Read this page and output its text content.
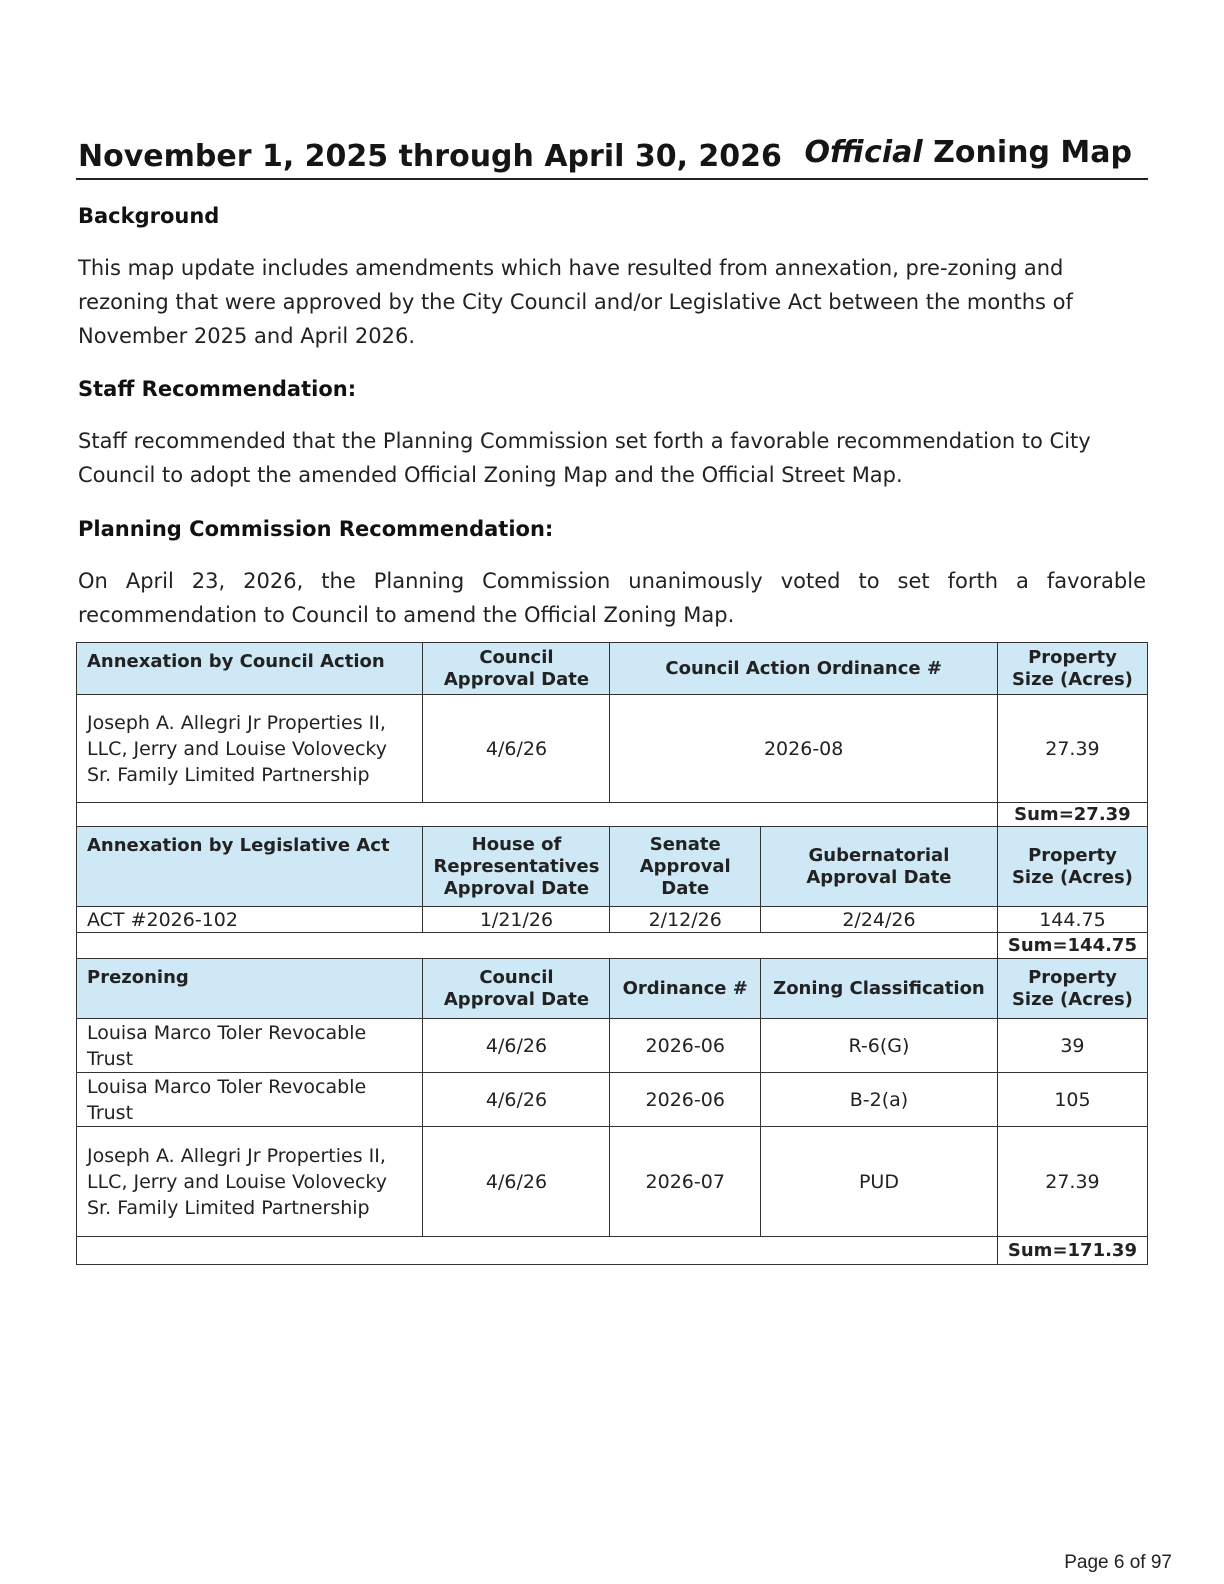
November 1, 2025 through April 30, 2026 Official Zoning Map
Background

This map update includes amendments which have resulted from annexation, pre-zoning and rezoning that were approved by the City Council and/or Legislative Act between the months of November 2025 and April 2026.

Staff Recommendation:

Staff recommended that the Planning Commission set forth a favorable recommendation to City Council to adopt the amended Official Zoning Map and the Official Street Map.

Planning Commission Recommendation:

On April 23, 2026, the Planning Commission unanimously voted to set forth a favorable recommendation to Council to amend the Official Zoning Map.

Annexation by Council Action	Council Approval Date	Council Action Ordinance #		Property Size (Acres)
Joseph A. Allegri Jr Properties II, LLC, Jerry and Louise Volovecky Sr. Family Limited Partnership	4/6/26	2026-08		27.39
				Sum=27.39
Annexation by Legislative Act	House of Representatives Approval Date	Senate Approval Date	Gubernatorial Approval Date	Property Size (Acres)
ACT #2026-102	1/21/26	2/12/26	2/24/26	144.75
				Sum=144.75
Prezoning	Council Approval Date	Ordinance #	Zoning Classification	Property Size (Acres)
Louisa Marco Toler Revocable Trust	4/6/26	2026-06	R-6(G)	39
Louisa Marco Toler Revocable Trust	4/6/26	2026-06	B-2(a)	105
Joseph A. Allegri Jr Properties II, LLC, Jerry and Louise Volovecky Sr. Family Limited Partnership	4/6/26	2026-07	PUD	27.39
				Sum=171.39
Page 6 of 97
